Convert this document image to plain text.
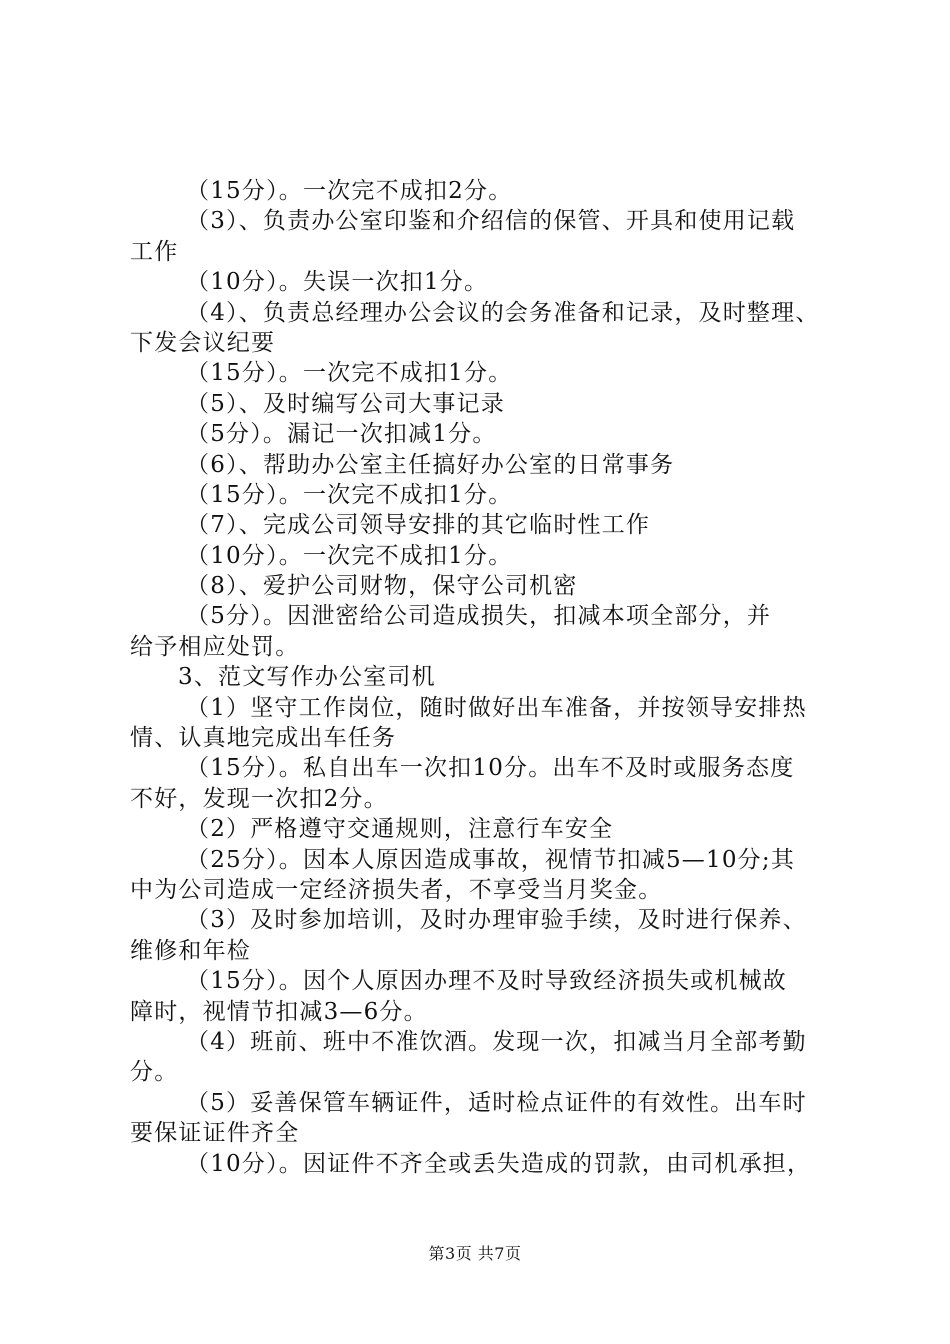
（15分）。一次完不成扣2分。
（3）、负责办公室印鉴和介绍信的保管、开具和使用记载
工作
（10分）。失误一次扣1分。
（4）、负责总经理办公会议的会务准备和记录，及时整理、
下发会议纪要
（15分）。一次完不成扣1分。
（5）、及时编写公司大事记录
（5分）。漏记一次扣减1分。
（6）、帮助办公室主任搞好办公室的日常事务
（15分）。一次完不成扣1分。
（7）、完成公司领导安排的其它临时性工作
（10分）。一次完不成扣1分。
（8）、爱护公司财物，保守公司机密
（5分）。因泄密给公司造成损失，扣减本项全部分，并
给予相应处罚。
3、范文写作办公室司机
（1）坚守工作岗位，随时做好出车准备，并按领导安排热
情、认真地完成出车任务
（15分）。私自出车一次扣10分。出车不及时或服务态度
不好，发现一次扣2分。
（2）严格遵守交通规则，注意行车安全
（25分）。因本人原因造成事故，视情节扣减5—10分;其
中为公司造成一定经济损失者，不享受当月奖金。
（3）及时参加培训，及时办理审验手续，及时进行保养、
维修和年检
（15分）。因个人原因办理不及时导致经济损失或机械故
障时，视情节扣减3—6分。
（4）班前、班中不准饮酒。发现一次，扣减当月全部考勤
分。
（5）妥善保管车辆证件，适时检点证件的有效性。出车时
要保证证件齐全
（10分）。因证件不齐全或丢失造成的罚款，由司机承担，
第3页 共7页
